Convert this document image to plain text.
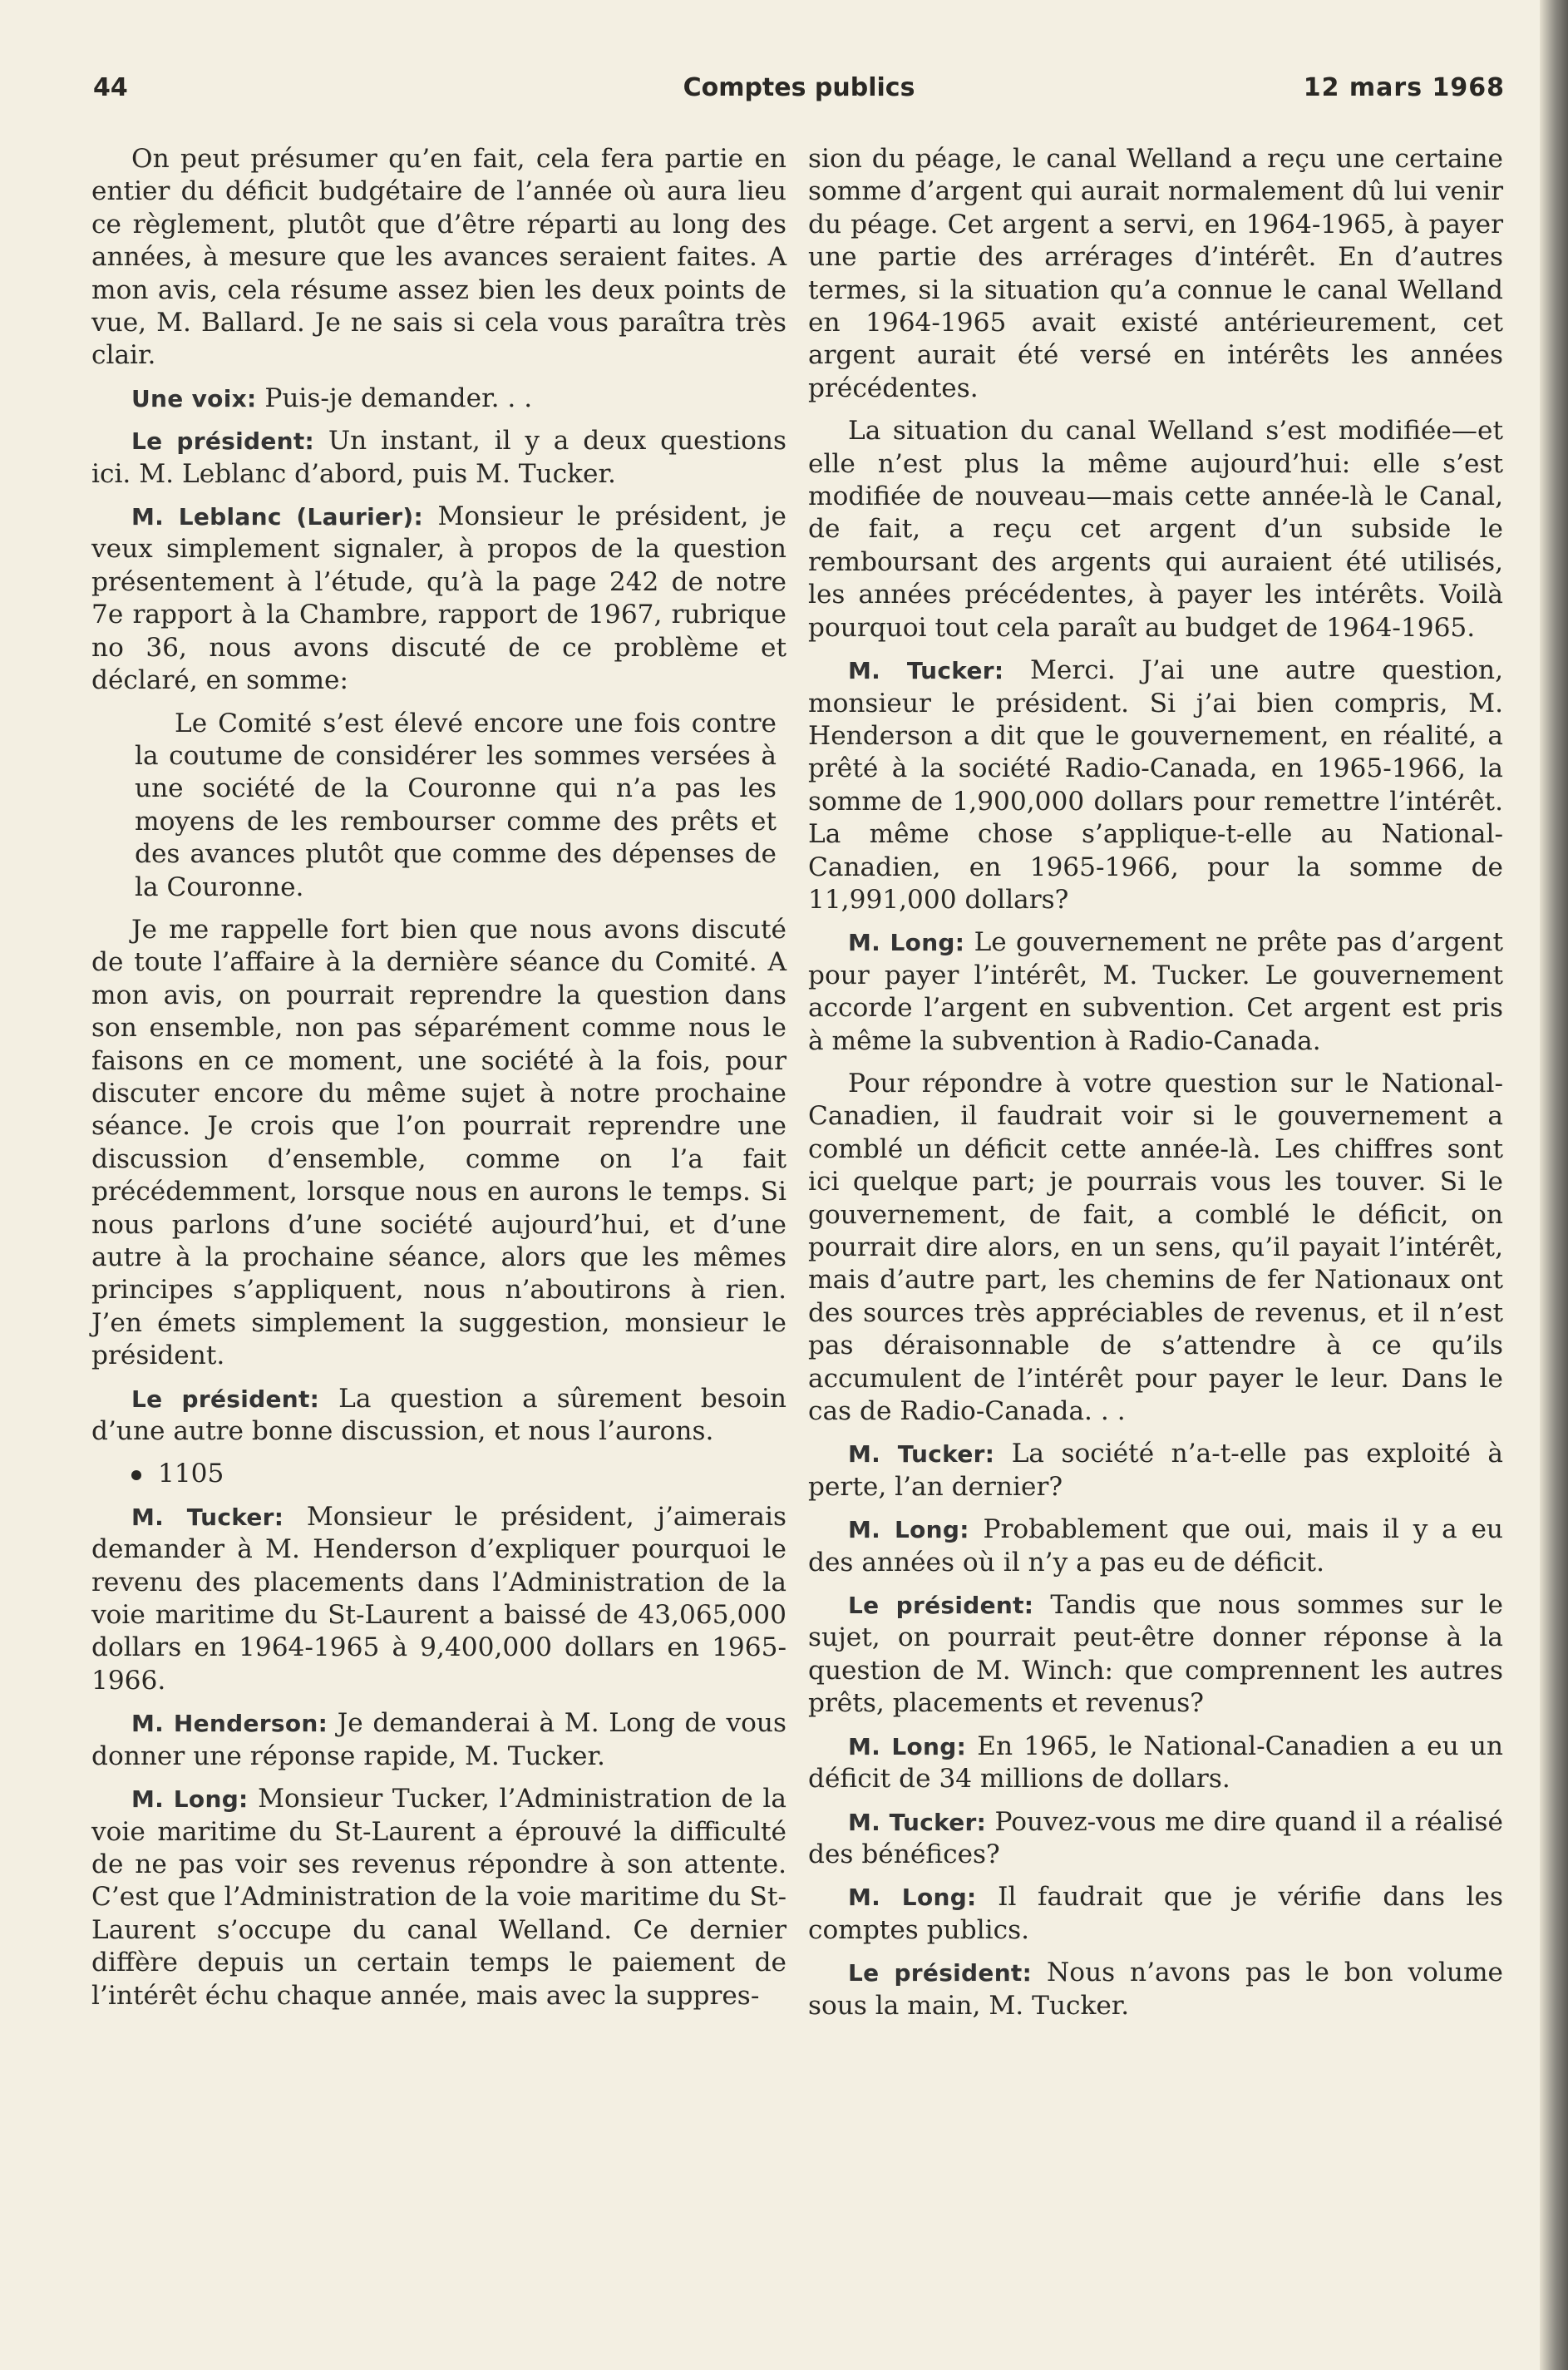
44	Comptes publics	12 mars 1968

On peut présumer qu’en fait, cela fera partie en entier du déficit budgétaire de l’année où aura lieu ce règlement, plutôt que d’être réparti au long des années, à mesure que les avances seraient faites. A mon avis, cela résume assez bien les deux points de vue, M. Ballard. Je ne sais si cela vous paraîtra très clair.

Une voix: Puis-je demander. . .

Le président: Un instant, il y a deux questions ici. M. Leblanc d’abord, puis M. Tucker.

M. Leblanc (Laurier): Monsieur le président, je veux simplement signaler, à propos de la question présentement à l’étude, qu’à la page 242 de notre 7e rapport à la Chambre, rapport de 1967, rubrique no 36, nous avons discuté de ce problème et déclaré, en somme:

Le Comité s’est élevé encore une fois contre la coutume de considérer les sommes versées à une société de la Couronne qui n’a pas les moyens de les rembourser comme des prêts et des avances plutôt que comme des dépenses de la Couronne.

Je me rappelle fort bien que nous avons discuté de toute l’affaire à la dernière séance du Comité. A mon avis, on pourrait reprendre la question dans son ensemble, non pas séparément comme nous le faisons en ce moment, une société à la fois, pour discuter encore du même sujet à notre prochaine séance. Je crois que l’on pourrait reprendre une discussion d’ensemble, comme on l’a fait précédemment, lorsque nous en aurons le temps. Si nous parlons d’une société aujourd’hui, et d’une autre à la prochaine séance, alors que les mêmes principes s’appliquent, nous n’aboutirons à rien. J’en émets simplement la suggestion, monsieur le président.

Le président: La question a sûrement besoin d’une autre bonne discussion, et nous l’aurons.

1105

M. Tucker: Monsieur le président, j’aimerais demander à M. Henderson d’expliquer pourquoi le revenu des placements dans l’Administration de la voie maritime du St-Laurent a baissé de 43,065,000 dollars en 1964-1965 à 9,400,000 dollars en 1965-1966.

M. Henderson: Je demanderai à M. Long de vous donner une réponse rapide, M. Tucker.

M. Long: Monsieur Tucker, l’Administration de la voie maritime du St-Laurent a éprouvé la difficulté de ne pas voir ses revenus répondre à son attente. C’est que l’Administration de la voie maritime du St-Laurent s’occupe du canal Welland. Ce dernier diffère depuis un certain temps le paiement de l’intérêt échu chaque année, mais avec la suppres-

sion du péage, le canal Welland a reçu une certaine somme d’argent qui aurait normalement dû lui venir du péage. Cet argent a servi, en 1964-1965, à payer une partie des arrérages d’intérêt. En d’autres termes, si la situation qu’a connue le canal Welland en 1964-1965 avait existé antérieurement, cet argent aurait été versé en intérêts les années précédentes.

La situation du canal Welland s’est modifiée—et elle n’est plus la même aujourd’hui: elle s’est modifiée de nouveau—mais cette année-là le Canal, de fait, a reçu cet argent d’un subside le remboursant des argents qui auraient été utilisés, les années précédentes, à payer les intérêts. Voilà pourquoi tout cela paraît au budget de 1964-1965.

M. Tucker: Merci. J’ai une autre question, monsieur le président. Si j’ai bien compris, M. Henderson a dit que le gouvernement, en réalité, a prêté à la société Radio-Canada, en 1965-1966, la somme de 1,900,000 dollars pour remettre l’intérêt. La même chose s’applique-t-elle au National-Canadien, en 1965-1966, pour la somme de 11,991,000 dollars?

M. Long: Le gouvernement ne prête pas d’argent pour payer l’intérêt, M. Tucker. Le gouvernement accorde l’argent en subvention. Cet argent est pris à même la subvention à Radio-Canada.

Pour répondre à votre question sur le National-Canadien, il faudrait voir si le gouvernement a comblé un déficit cette année-là. Les chiffres sont ici quelque part; je pourrais vous les touver. Si le gouvernement, de fait, a comblé le déficit, on pourrait dire alors, en un sens, qu’il payait l’intérêt, mais d’autre part, les chemins de fer Nationaux ont des sources très appréciables de revenus, et il n’est pas déraisonnable de s’attendre à ce qu’ils accumulent de l’intérêt pour payer le leur. Dans le cas de Radio-Canada. . .

M. Tucker: La société n’a-t-elle pas exploité à perte, l’an dernier?

M. Long: Probablement que oui, mais il y a eu des années où il n’y a pas eu de déficit.

Le président: Tandis que nous sommes sur le sujet, on pourrait peut-être donner réponse à la question de M. Winch: que comprennent les autres prêts, placements et revenus?

M. Long: En 1965, le National-Canadien a eu un déficit de 34 millions de dollars.

M. Tucker: Pouvez-vous me dire quand il a réalisé des bénéfices?

M. Long: Il faudrait que je vérifie dans les comptes publics.

Le président: Nous n’avons pas le bon volume sous la main, M. Tucker.
